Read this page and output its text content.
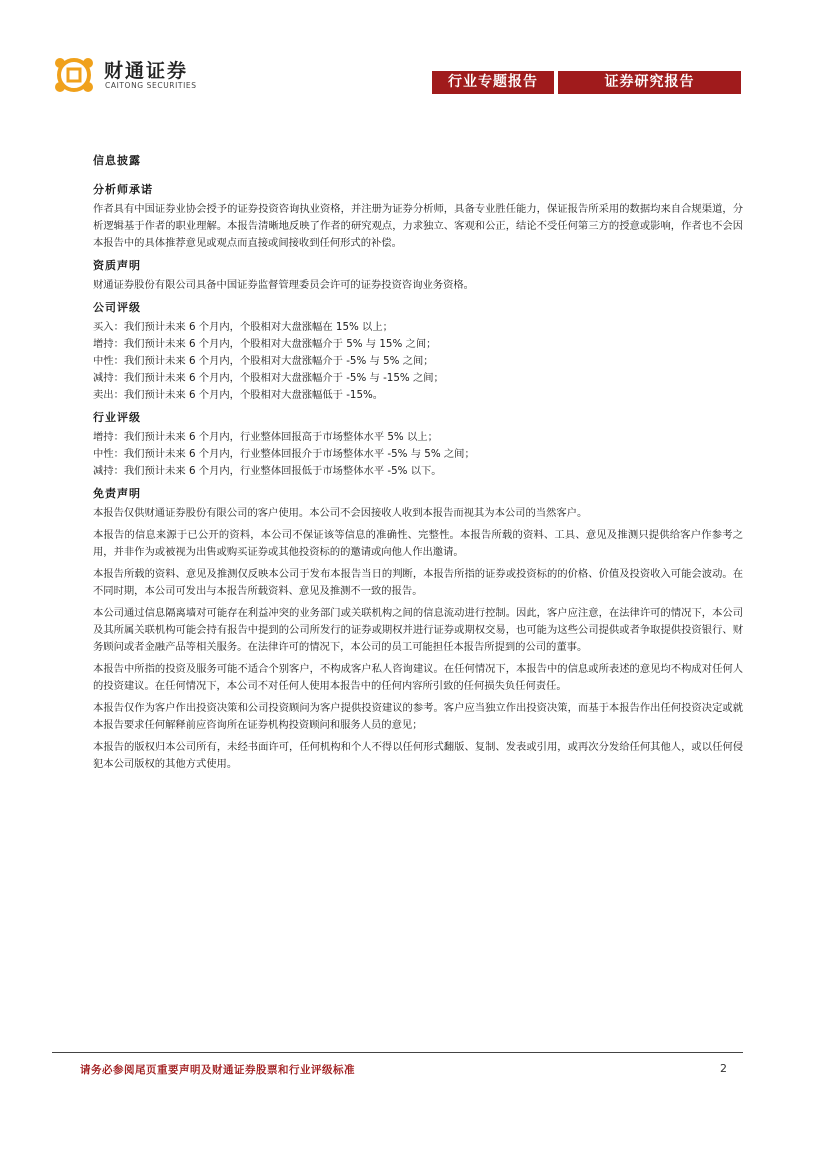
财通证券
CAITONG SECURITIES	行业专题报告	证券研究报告
信息披露
分析师承诺

作者具有中国证券业协会授予的证券投资咨询执业资格，并注册为证券分析师，具备专业胜任能力，保证报告所采用的数据均来自合规渠道，分析逻辑基于作者的职业理解。本报告清晰地反映了作者的研究观点，力求独立、客观和公正，结论不受任何第三方的授意或影响，作者也不会因本报告中的具体推荐意见或观点而直接或间接收到任何形式的补偿。

资质声明

财通证券股份有限公司具备中国证券监督管理委员会许可的证券投资咨询业务资格。

公司评级
买入：我们预计未来 6 个月内，个股相对大盘涨幅在 15% 以上；
增持：我们预计未来 6 个月内，个股相对大盘涨幅介于 5% 与 15% 之间；
中性：我们预计未来 6 个月内，个股相对大盘涨幅介于 -5% 与 5% 之间；
减持：我们预计未来 6 个月内，个股相对大盘涨幅介于 -5% 与 -15% 之间；
卖出：我们预计未来 6 个月内，个股相对大盘涨幅低于 -15%。
行业评级
增持：我们预计未来 6 个月内，行业整体回报高于市场整体水平 5% 以上；
中性：我们预计未来 6 个月内，行业整体回报介于市场整体水平 -5% 与 5% 之间；
减持：我们预计未来 6 个月内，行业整体回报低于市场整体水平 -5% 以下。
免责声明

本报告仅供财通证券股份有限公司的客户使用。本公司不会因接收人收到本报告而视其为本公司的当然客户。

本报告的信息来源于已公开的资料，本公司不保证该等信息的准确性、完整性。本报告所载的资料、工具、意见及推测只提供给客户作参考之用，并非作为或被视为出售或购买证券或其他投资标的的邀请或向他人作出邀请。

本报告所载的资料、意见及推测仅反映本公司于发布本报告当日的判断，本报告所指的证券或投资标的的价格、价值及投资收入可能会波动。在不同时期，本公司可发出与本报告所载资料、意见及推测不一致的报告。

本公司通过信息隔离墙对可能存在利益冲突的业务部门或关联机构之间的信息流动进行控制。因此，客户应注意，在法律许可的情况下，本公司及其所属关联机构可能会持有报告中提到的公司所发行的证券或期权并进行证券或期权交易，也可能为这些公司提供或者争取提供投资银行、财务顾问或者金融产品等相关服务。在法律许可的情况下，本公司的员工可能担任本报告所提到的公司的董事。

本报告中所指的投资及服务可能不适合个别客户，不构成客户私人咨询建议。在任何情况下，本报告中的信息或所表述的意见均不构成对任何人的投资建议。在任何情况下，本公司不对任何人使用本报告中的任何内容所引致的任何损失负任何责任。

本报告仅作为客户作出投资决策和公司投资顾问为客户提供投资建议的参考。客户应当独立作出投资决策，而基于本报告作出任何投资决定或就本报告要求任何解释前应咨询所在证券机构投资顾问和服务人员的意见；

本报告的版权归本公司所有，未经书面许可，任何机构和个人不得以任何形式翻版、复制、发表或引用，或再次分发给任何其他人，或以任何侵犯本公司版权的其他方式使用。

请务必参阅尾页重要声明及财通证券股票和行业评级标准	2
